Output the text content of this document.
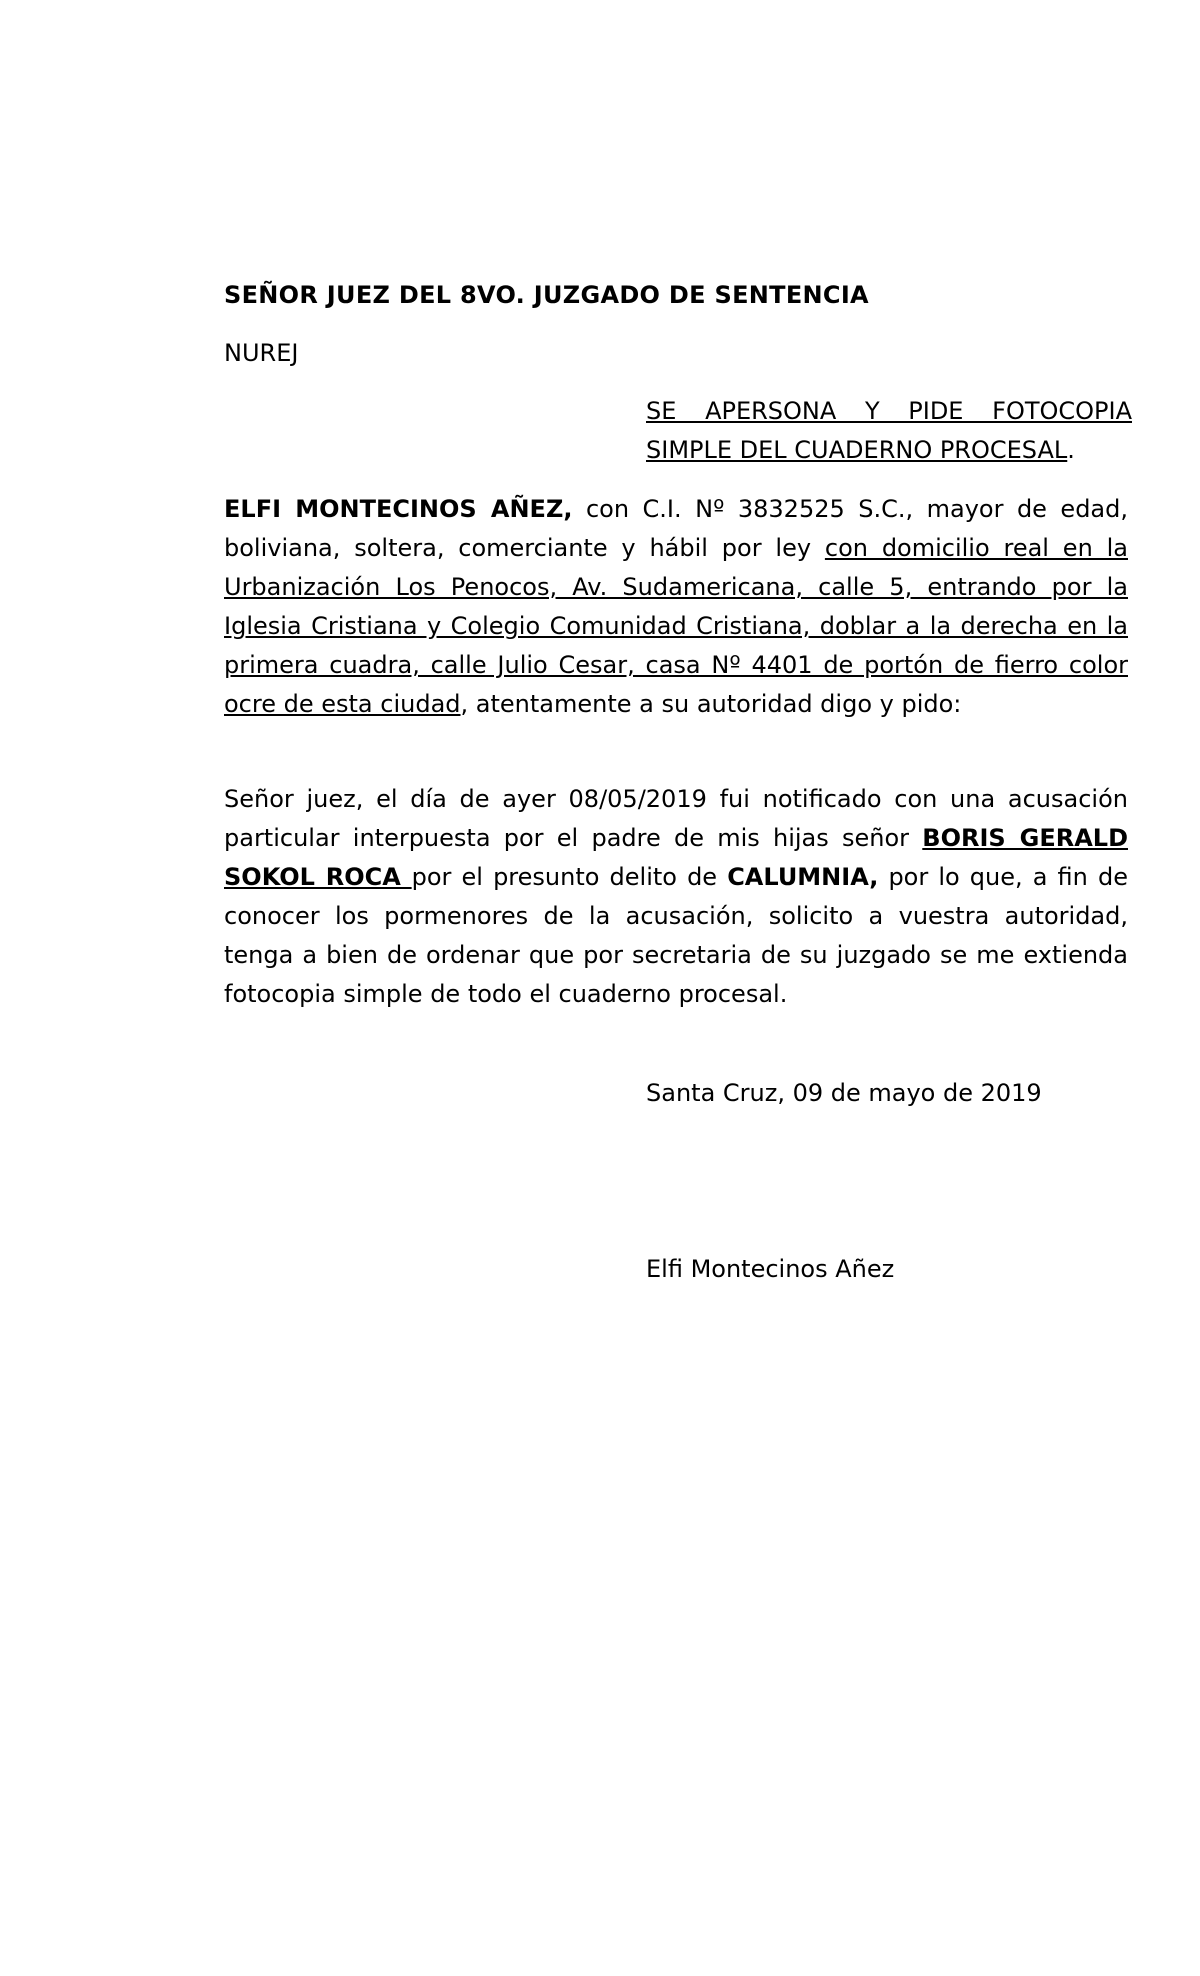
SEÑOR JUEZ DEL 8VO. JUZGADO DE SENTENCIA
NUREJ
SE APERSONA Y PIDE FOTOCOPIA SIMPLE DEL CUADERNO PROCESAL.
ELFI MONTECINOS AÑEZ, con C.I. Nº 3832525 S.C., mayor de edad, boliviana, soltera, comerciante y hábil por ley con domicilio real en la Urbanización Los Penocos, Av. Sudamericana, calle 5, entrando por la Iglesia Cristiana y Colegio Comunidad Cristiana, doblar a la derecha en la primera cuadra, calle Julio Cesar, casa Nº 4401 de portón de fierro color ocre de esta ciudad, atentamente a su autoridad digo y pido:
Señor juez, el día de ayer 08/05/2019 fui notificado con una acusación particular interpuesta por el padre de mis hijas señor BORIS GERALD SOKOL ROCA por el presunto delito de CALUMNIA, por lo que, a fin de conocer los pormenores de la acusación, solicito a vuestra autoridad, tenga a bien de ordenar que por secretaria de su juzgado se me extienda fotocopia simple de todo el cuaderno procesal.
Santa Cruz, 09 de mayo de 2019
Elfi Montecinos Añez
